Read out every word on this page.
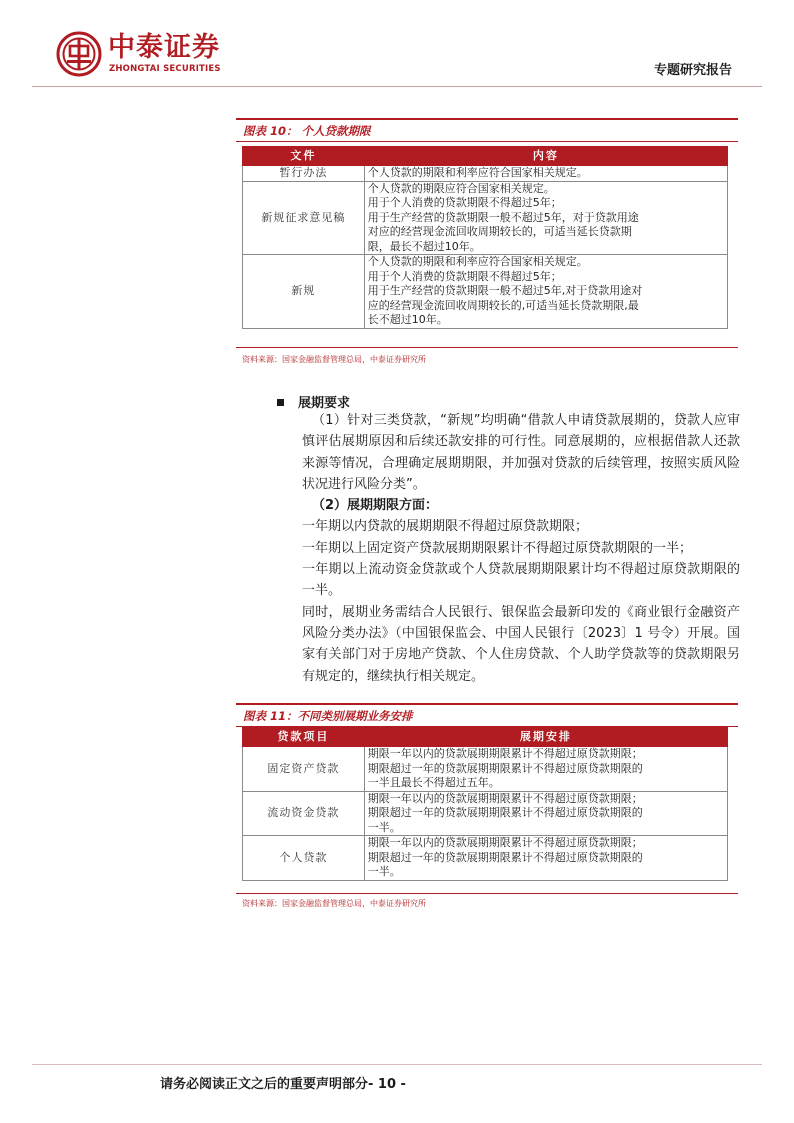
中泰证券
ZHONGTAI SECURITIES	专题研究报告
图表 10： 个人贷款期限
文件	内容
暂行办法	个人贷款的期限和利率应符合国家相关规定。

新规征求意见稿	个人贷款的期限应符合国家相关规定。
用于个人消费的贷款期限不得超过5年；
用于生产经营的贷款期限一般不超过5年，对于贷款用途
对应的经营现金流回收周期较长的，可适当延长贷款期
限，最长不超过10年。

新规	个人贷款的期限和利率应符合国家相关规定。
用于个人消费的贷款期限不得超过5年；
用于生产经营的贷款期限一般不超过5年,对于贷款用途对
应的经营现金流回收周期较长的,可适当延长贷款期限,最
长不超过10年。
资料来源：国家金融监督管理总局，中泰证券研究所
展期要求

（1）针对三类贷款，“新规”均明确“借款人申请贷款展期的，贷款人应审慎评估展期原因和后续还款安排的可行性。同意展期的，应根据借款人还款来源等情况，合理确定展期期限，并加强对贷款的后续管理，按照实质风险状况进行风险分类”。

（2）展期期限方面：

一年期以内贷款的展期期限不得超过原贷款期限；

一年期以上固定资产贷款展期期限累计不得超过原贷款期限的一半；

一年期以上流动资金贷款或个人贷款展期期限累计均不得超过原贷款期限的一半。

同时，展期业务需结合人民银行、银保监会最新印发的《商业银行金融资产风险分类办法》（中国银保监会、中国人民银行〔2023〕1 号令）开展。国家有关部门对于房地产贷款、个人住房贷款、个人助学贷款等的贷款期限另有规定的，继续执行相关规定。

图表 11：不同类别展期业务安排
贷款项目	展期安排
固定资产贷款	期限一年以内的贷款展期期限累计不得超过原贷款期限；
期限超过一年的贷款展期期限累计不得超过原贷款期限的
一半且最长不得超过五年。

流动资金贷款	期限一年以内的贷款展期期限累计不得超过原贷款期限；
期限超过一年的贷款展期期限累计不得超过原贷款期限的
一半。

个人贷款	期限一年以内的贷款展期期限累计不得超过原贷款期限；
期限超过一年的贷款展期期限累计不得超过原贷款期限的
一半。
资料来源：国家金融监督管理总局，中泰证券研究所
请务必阅读正文之后的重要声明部分- 10 -
